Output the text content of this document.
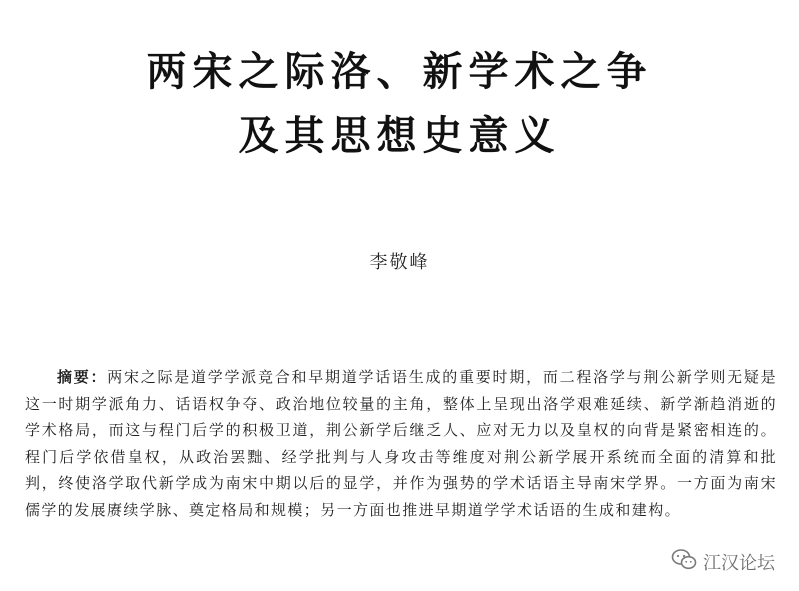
两宋之际洛、新学术之争
及其思想史意义
李敬峰
摘要：两宋之际是道学学派竞合和早期道学话语生成的重要时期，而二程洛学与荆公新学则无疑是这一时期学派角力、话语权争夺、政治地位较量的主角，整体上呈现出洛学艰难延续、新学渐趋消逝的学术格局，而这与程门后学的积极卫道，荆公新学后继乏人、应对无力以及皇权的向背是紧密相连的。程门后学依借皇权，从政治罢黜、经学批判与人身攻击等维度对荆公新学展开系统而全面的清算和批判，终使洛学取代新学成为南宋中期以后的显学，并作为强势的学术话语主导南宋学界。一方面为南宋儒学的发展赓续学脉、奠定格局和规模；另一方面也推进早期道学学术话语的生成和建构。
江汉论坛
